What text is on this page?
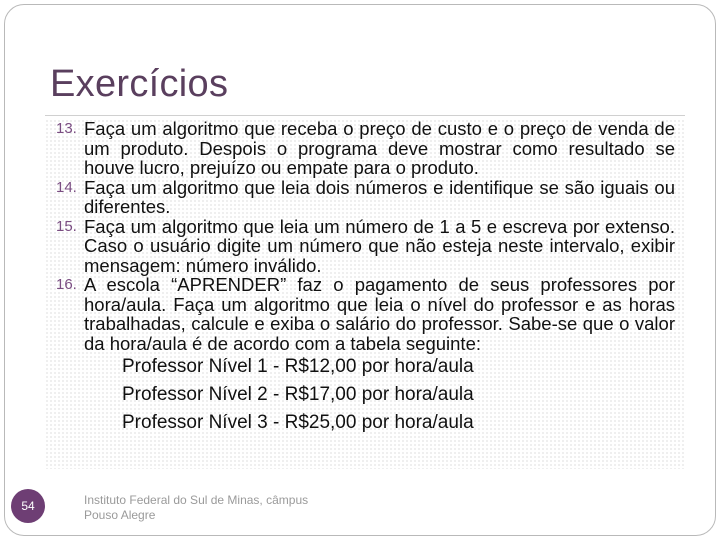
Exercícios
13. Faça um algoritmo que receba o preço de custo e o preço de venda de um produto. Despois o programa deve mostrar como resultado se houve lucro, prejuízo ou empate para o produto.
14. Faça um algoritmo que leia dois números e identifique se são iguais ou diferentes.
15. Faça um algoritmo que leia um número de 1 a 5 e escreva por extenso. Caso o usuário digite um número que não esteja neste intervalo, exibir mensagem: número inválido.
16. A escola “APRENDER” faz o pagamento de seus professores por hora/aula. Faça um algoritmo que leia o nível do professor e as horas trabalhadas, calcule e exiba o salário do professor. Sabe-se que o valor da hora/aula é de acordo com a tabela seguinte:
Professor Nível 1 - R$12,00 por hora/aula
Professor Nível 2 - R$17,00 por hora/aula
Professor Nível 3 - R$25,00 por hora/aula
Instituto Federal do Sul de Minas, câmpus
Pouso Alegre
54
